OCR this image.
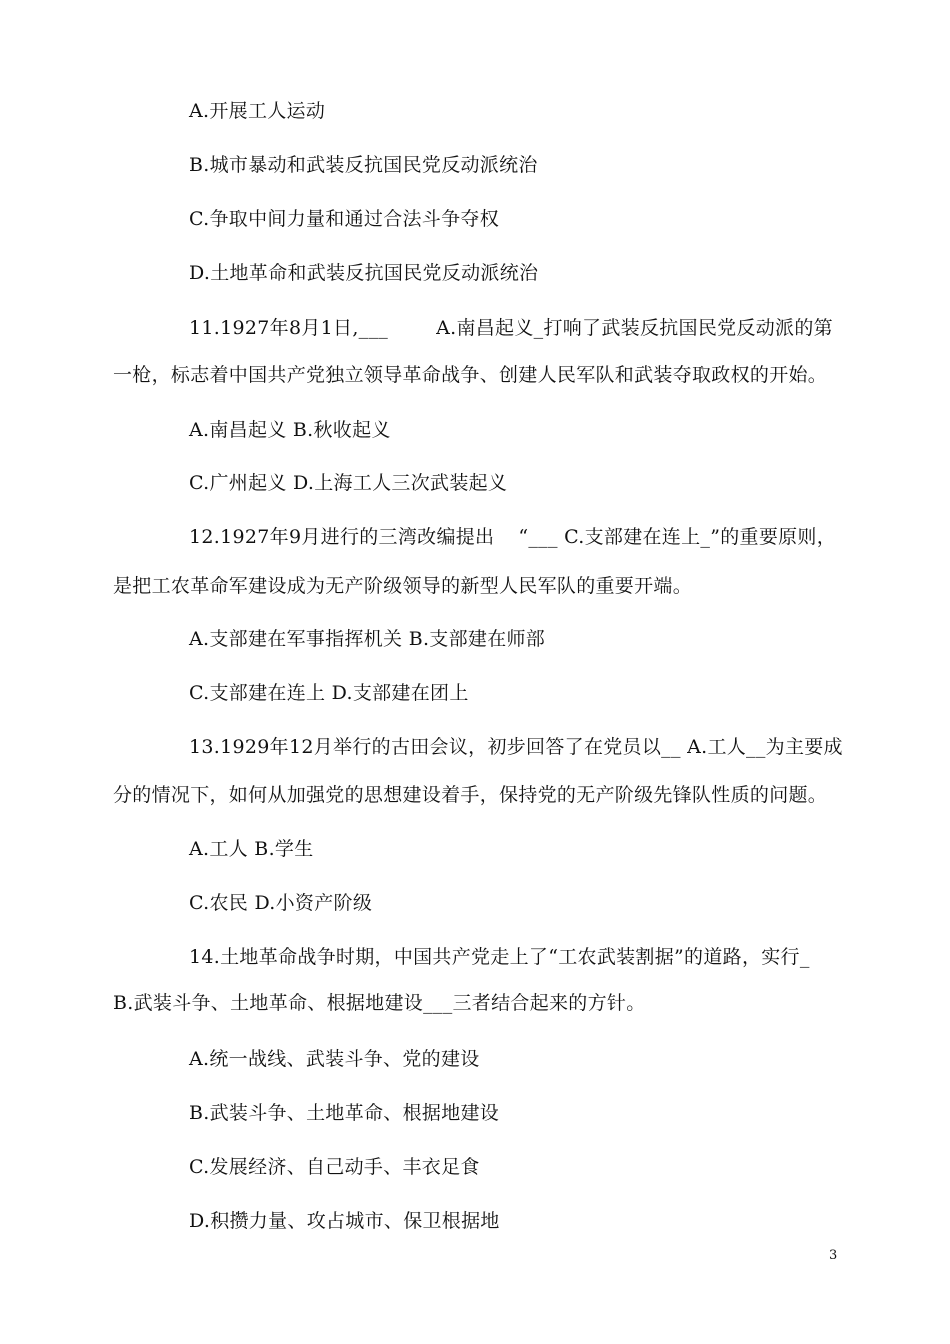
A.开展工人运动
B.城市暴动和武装反抗国民党反动派统治
C.争取中间力量和通过合法斗争夺权
D.土地革命和武装反抗国民党反动派统治
11.1927年8月1日,___	A.南昌起义_打响了武装反抗国民党反动派的第
一枪，标志着中国共产党独立领导革命战争、创建人民军队和武装夺取政权的开始。
A.南昌起义 B.秋收起义
C.广州起义 D.上海工人三次武装起义
12.1927年9月进行的三湾改编提出 “___ C.支部建在连上_”的重要原则，
是把工农革命军建设成为无产阶级领导的新型人民军队的重要开端。
A.支部建在军事指挥机关 B.支部建在师部
C.支部建在连上 D.支部建在团上
13.1929年12月举行的古田会议，初步回答了在党员以__ A.工人__为主要成
分的情况下，如何从加强党的思想建设着手，保持党的无产阶级先锋队性质的问题。
A.工人 B.学生
C.农民 D.小资产阶级
14.土地革命战争时期，中国共产党走上了“工农武装割据”的道路，实行_
B.武装斗争、土地革命、根据地建设___三者结合起来的方针。
A.统一战线、武装斗争、党的建设
B.武装斗争、土地革命、根据地建设
C.发展经济、自己动手、丰衣足食
D.积攒力量、攻占城市、保卫根据地
3
